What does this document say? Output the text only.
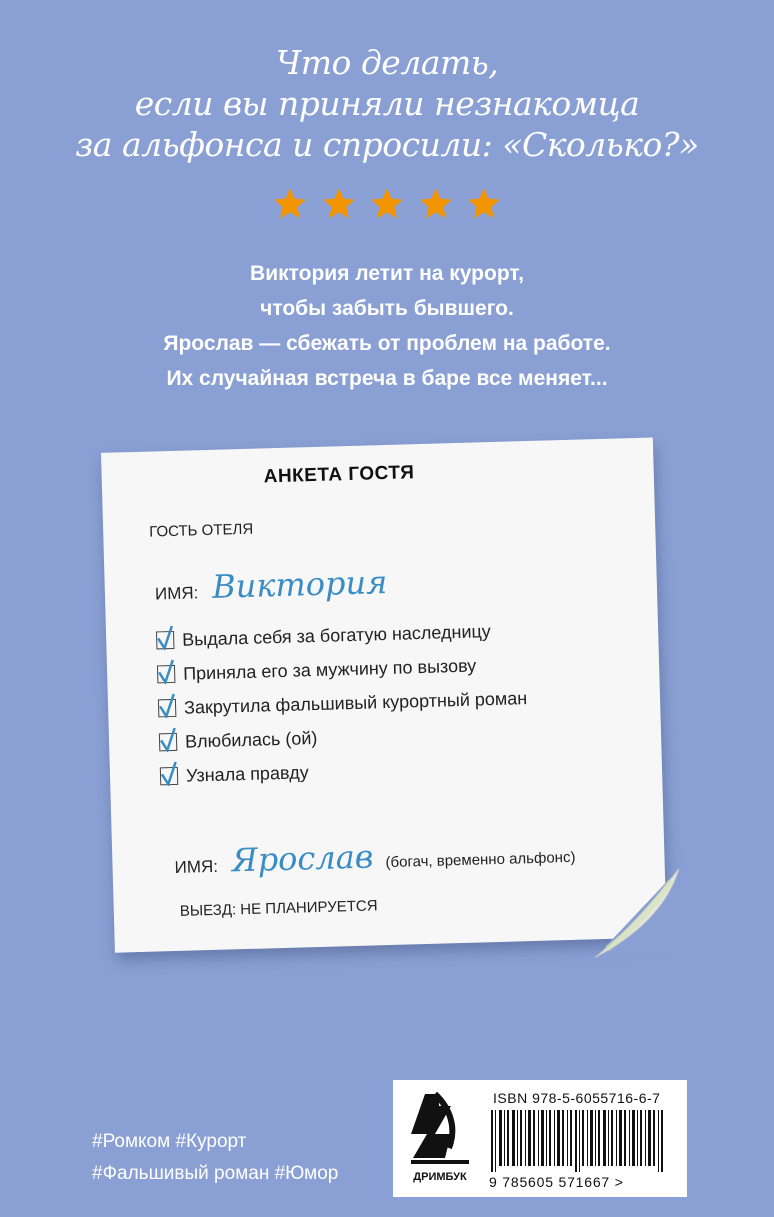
Что делать,
если вы приняли незнакомца
за альфонса и спросили: «Сколько?»
Виктория летит на курорт,
чтобы забыть бывшего.
Ярослав — сбежать от проблем на работе.
Их случайная встреча в баре все меняет...
АНКЕТА ГОСТЯ
ГОСТЬ ОТЕЛЯ
ИМЯ: Виктория
Выдала себя за богатую наследницу
Приняла его за мужчину по вызову
Закрутила фальшивый курортный роман
Влюбилась (ой)
Узнала правду
ИМЯ: Ярослав (богач, временно альфонс)
ВЫЕЗД: НЕ ПЛАНИРУЕТСЯ
#Ромком #Курорт
#Фальшивый роман #Юмор	ДРИМБУК
ISBN 978-5-6055716-6-7
9 785605 571667 >
